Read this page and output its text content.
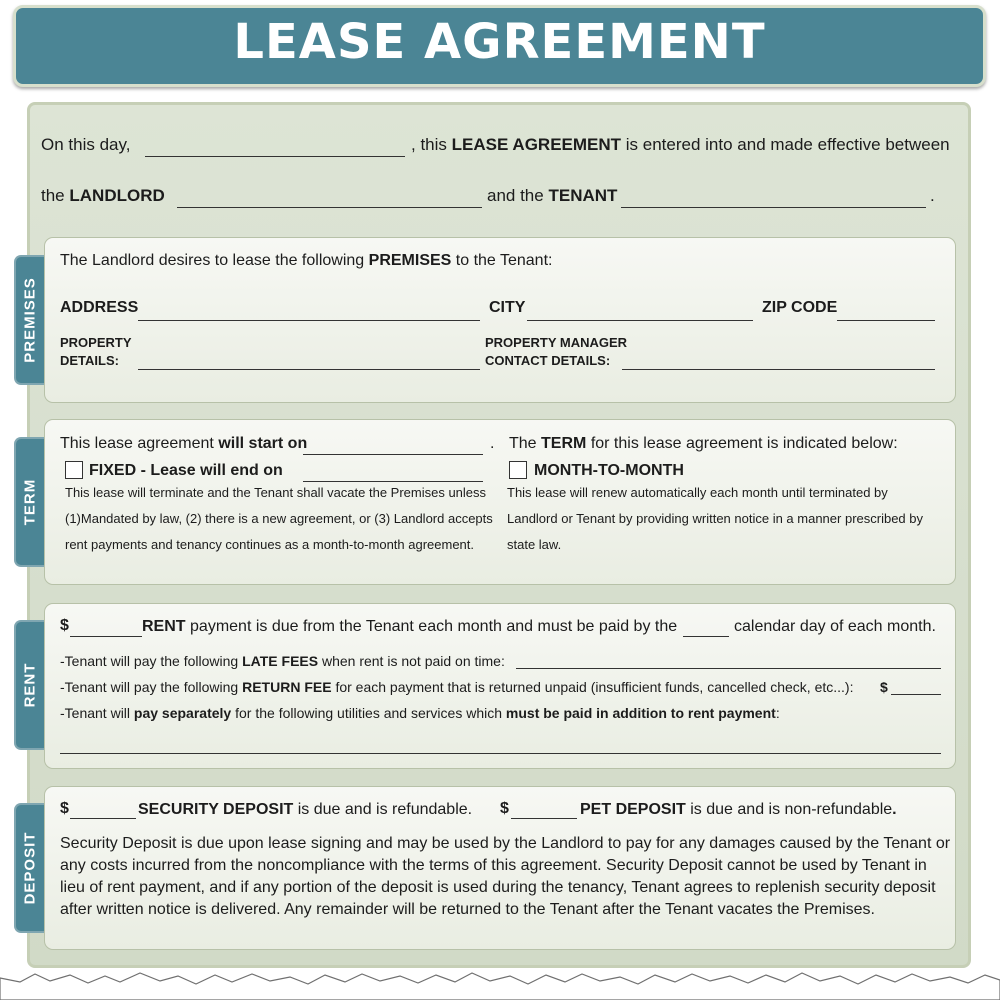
LEASE AGREEMENT
On this day,	, this LEASE AGREEMENT is entered into and made effective between
the LANDLORD	and the TENANT	.
PREMISES
The Landlord desires to lease the following PREMISES to the Tenant:
ADDRESS	CITY	ZIP CODE
PROPERTY
DETAILS:
PROPERTY MANAGER
CONTACT DETAILS:
TERM
This lease agreement will start on	. The TERM for this lease agreement is indicated below:
FIXED - Lease will end on
This lease will terminate and the Tenant shall vacate the Premises unless
(1)Mandated by law, (2) there is a new agreement, or (3) Landlord accepts
rent payments and tenancy continues as a month-to-month agreement.
MONTH-TO-MONTH
This lease will renew automatically each month until terminated by
Landlord or Tenant by providing written notice in a manner prescribed by
state law.
RENT
$	RENT payment is due from the Tenant each month and must be paid by the	calendar day of each month.
-Tenant will pay the following LATE FEES when rent is not paid on time:
-Tenant will pay the following RETURN FEE for each payment that is returned unpaid (insufficient funds, cancelled check, etc...): $
-Tenant will pay separately for the following utilities and services which must be paid in addition to rent payment:
DEPOSIT
$	SECURITY DEPOSIT is due and is refundable. $	PET DEPOSIT is due and is non-refundable.
Security Deposit is due upon lease signing and may be used by the Landlord to pay for any damages caused by the Tenant or
any costs incurred from the noncompliance with the terms of this agreement. Security Deposit cannot be used by Tenant in
lieu of rent payment, and if any portion of the deposit is used during the tenancy, Tenant agrees to replenish security deposit
after written notice is delivered. Any remainder will be returned to the Tenant after the Tenant vacates the Premises.
